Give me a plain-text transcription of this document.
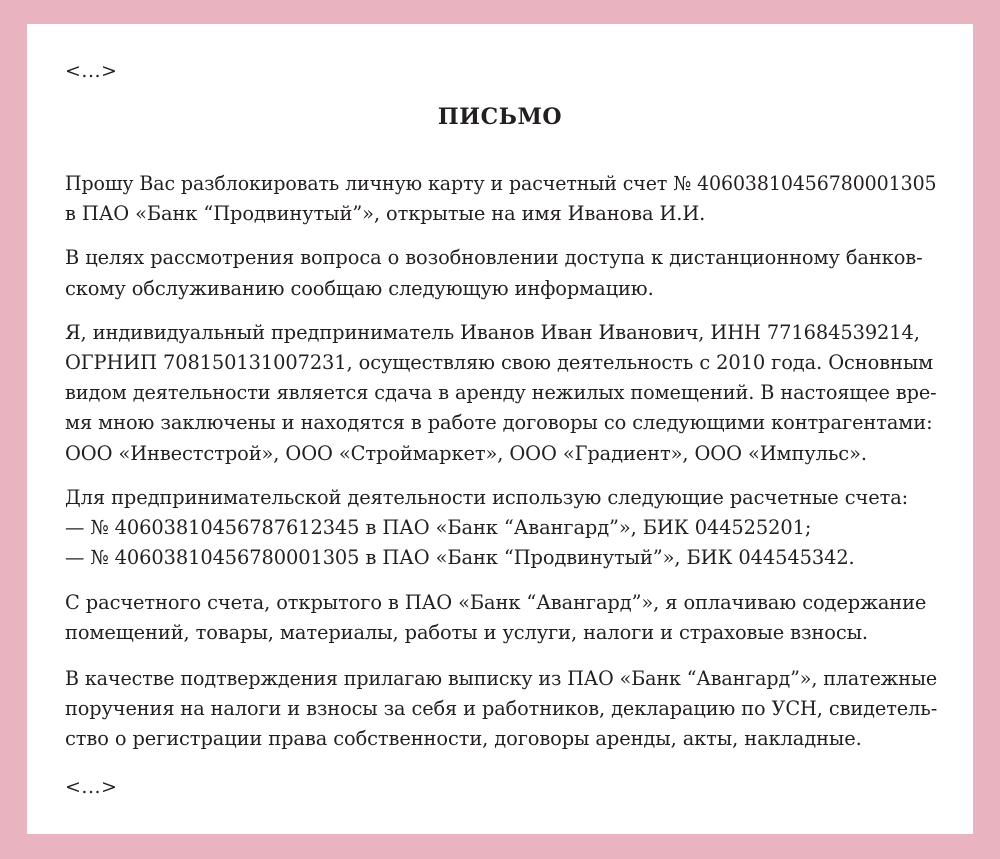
<...>
ПИСЬМО
Прошу Вас разблокировать личную карту и расчетный счет № 40603810456780001305
в ПАО «Банк “Продвинутый”», открытые на имя Иванова И.И.
В целях рассмотрения вопроса о возобновлении доступа к дистанционному банков-
скому обслуживанию сообщаю следующую информацию.
Я, индивидуальный предприниматель Иванов Иван Иванович, ИНН 771684539214,
ОГРНИП 708150131007231, осуществляю свою деятельность с 2010 года. Основным
видом деятельности является сдача в аренду нежилых помещений. В настоящее вре-
мя мною заключены и находятся в работе договоры со следующими контрагентами:
ООО «Инвестстрой», ООО «Строймаркет», ООО «Градиент», ООО «Импульс».
Для предпринимательской деятельности использую следующие расчетные счета:
— № 40603810456787612345 в ПАО «Банк “Авангард”», БИК 044525201;
— № 40603810456780001305 в ПАО «Банк “Продвинутый”», БИК 044545342.
С расчетного счета, открытого в ПАО «Банк “Авангард”», я оплачиваю содержание
помещений, товары, материалы, работы и услуги, налоги и страховые взносы.
В качестве подтверждения прилагаю выписку из ПАО «Банк “Авангард”», платежные
поручения на налоги и взносы за себя и работников, декларацию по УСН, свидетель-
ство о регистрации права собственности, договоры аренды, акты, накладные.
<...>
